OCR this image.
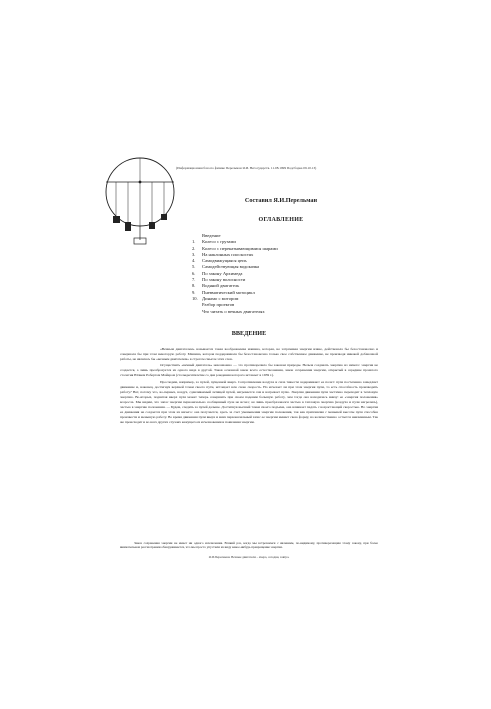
(Информационная база по физике Перельман Я.И. Негосударств. 11.08.1999 Подсборка 09.10.13)
Составил Я.И.Перельман
ОГЛАВЛЕНИЕ
Введение
1.	Колесо с грузами
2.	Колесо с перекатывающимися шарами
3.	На наклонных плоскостях
4.	Самодвижущаяся цепь
5.	Самодействующая водокачка
6.	По закону Архимеда
7.	По закону волосности
8.	Водяной двигатель
9.	Пневматический мотоцикл
10. Динамо с мотором
Разбор проектов
Что читать о вечных двигателях
ВВЕДЕНИЕ

«Вечным двигателем» называется такая воображаемая машина, которая, не затрачивая энергии извне, действовала бы безостановочно и совершала бы при этом некоторую работу. Машина, которая поддерживала бы безостановочно только свое собственное движение, не производя никакой добавочной работы, не являлась бы «вечным двигателем» в строгом смысле этих слов.

Осуществить «вечный двигатель» невозможно — это противоречило бы законам природы. Нельзя создавать энергию из ничего: энергия не создается, а лишь преобразуется из одного вида в другой. Таков основной закон всего естествознания, закон сохранения энергии, открытый в середине прошлого столетия Юлием Робертом Майером (столыдесятилетие со дня рождения которого истекает в 1939 г.).

Проследим, например, за пулей, пущенной вверх. Сопротивление воздуха и сила тяжести задерживают ее полет: пуля постепенно замедляет движение и, наконец, достигнув верхней точки своего пути, истощает всю свою скорость. Но исчезает ли при этом энергия пули, то есть способность производить работу? Нет, потому что, во-первых, воздух, сдавливаемый летящей пулей, нагревается сам и нагревает пулю. Энергия движения пули частично переходит в тепловую энергию. Во-вторых, поднятая вверх пуля может теперь совершить при своем падении большую работу, чем тогда она находилась внизу: ее «энергия положения» возросла. Мы видим, что запас энергии первоначально сообщенный пуле не исчез; он лишь преобразовался частью в тепловую энергию (воздуха и пули нагрелись), частью в энергию положения. — Будем, следить за пулей дальше. Достигнув высшей точки своего подъема, она начинает падать с возрастающей скоростью. Но энергия ее движения не создается при этом из ничего: она получается, здесь за счет уменьшения энергии положения, так как приплавляя с меньшей высоты пуля способна произвести и меньшую работу. Во время движения пули вверх и вниз первоначальный запас ее энергии меняет свою форму, но количественно остается неизменным. Так же происходит и во всех других случаях кажущегося исчезновения и появления энергии.

Закон сохранения энергии не имеет ни одного исключения. Всякий раз, когда мы встречаемся с явлением, по-видимому, противоречащим этому закону, при более внимательном рассмотрении обнаруживается, что мы просто упустили из виду какое-нибудь превращение энергии.

Я.И.Перельман. Вечные двигатели – вчера, сегодня, завтра.
